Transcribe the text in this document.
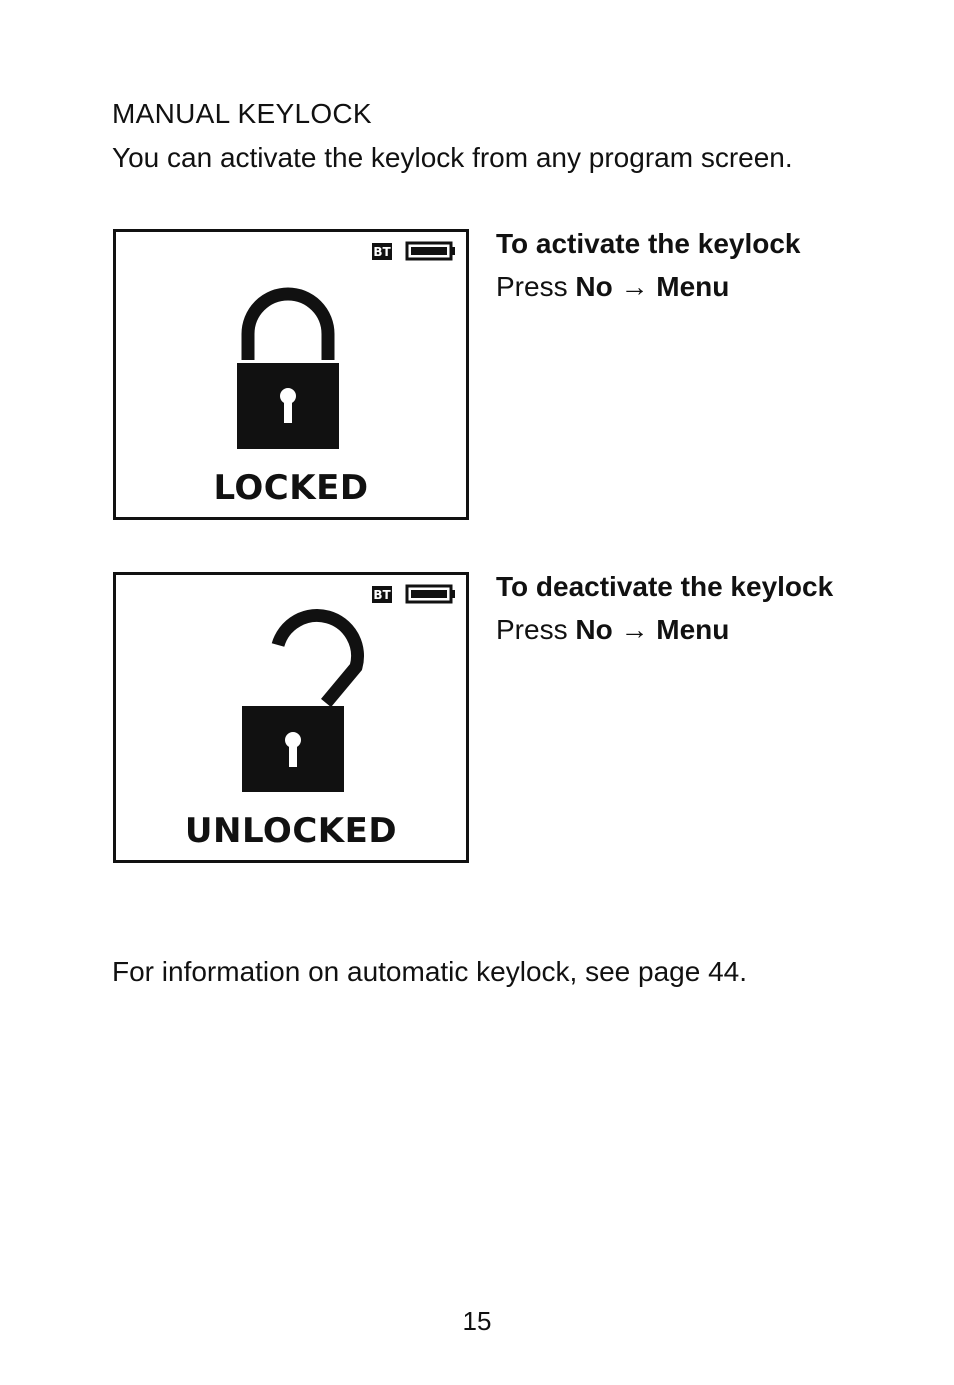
MANUAL KEYLOCK
You can activate the keylock from any program screen.
BT
LOCKED
To activate the keylock
Press No → Menu
BT
UNLOCKED
To deactivate the keylock
Press No → Menu
For information on automatic keylock, see page 44.
15
